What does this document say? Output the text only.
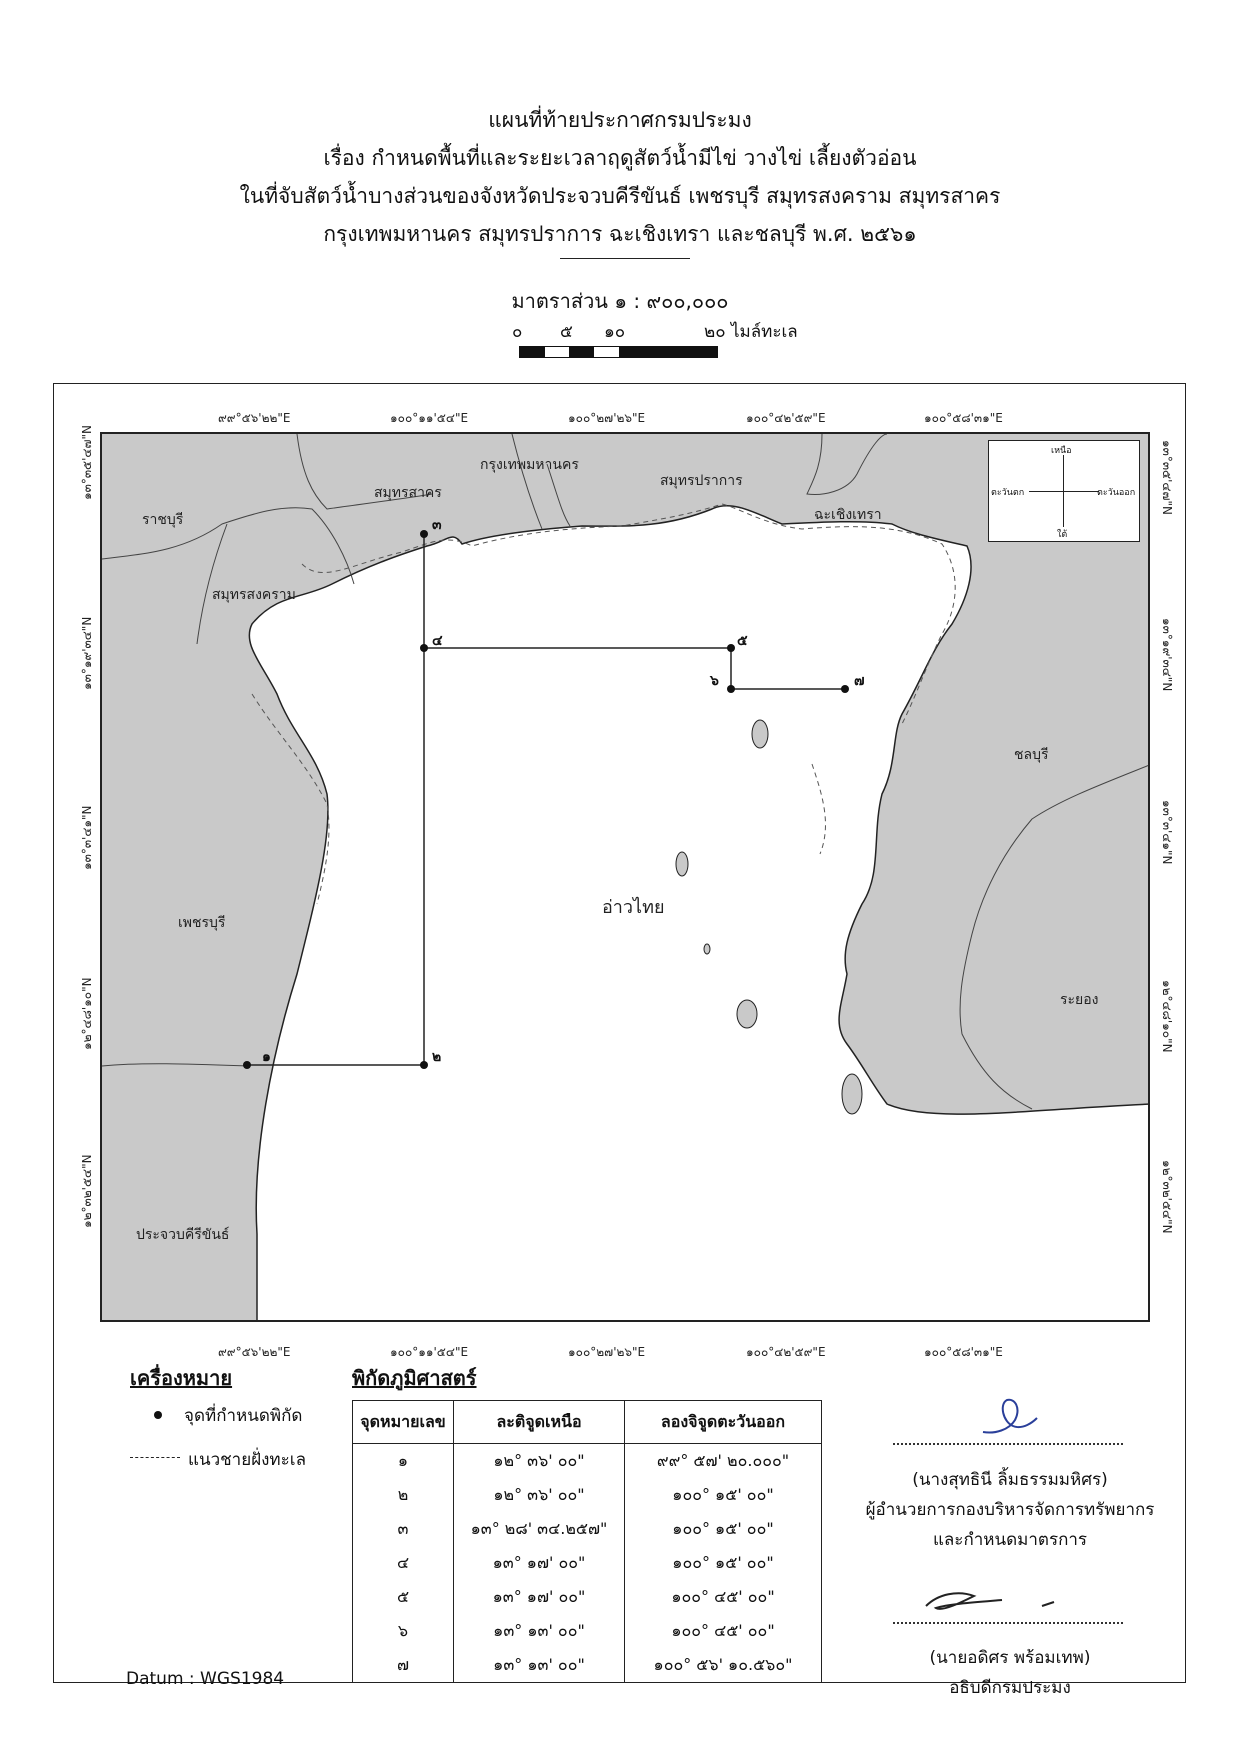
แผนที่ท้ายประกาศกรมประมง
เรื่อง กำหนดพื้นที่และระยะเวลาฤดูสัตว์น้ำมีไข่ วางไข่ เลี้ยงตัวอ่อน
ในที่จับสัตว์น้ำบางส่วนของจังหวัดประจวบคีรีขันธ์ เพชรบุรี สมุทรสงคราม สมุทรสาคร
กรุงเทพมหานคร สมุทรปราการ ฉะเชิงเทรา และชลบุรี พ.ศ. ๒๕๖๑
มาตราส่วน ๑ : ๙๐๐,๐๐๐
๐ ๕ ๑๐	๒๐ ไมล์ทะเล
๙๙°๕๖'๒๒"E	๑๐๐°๑๑'๕๔"E	๑๐๐°๒๗'๒๖"E	๑๐๐°๔๒'๕๙"E	๑๐๐°๕๘'๓๑"E
๙๙°๕๖'๒๒"E	๑๐๐°๑๑'๕๔"E	๑๐๐°๒๗'๒๖"E	๑๐๐°๔๒'๕๙"E	๑๐๐°๕๘'๓๑"E
๑๓°๓๕'๔๗"N
๑๓°๑๙'๓๔"N
๑๓°๓'๔๑"N
๑๒°๔๘'๑๐"N
๑๒°๓๒'๕๔"N
๑๓°๓๕'๔๗"N
๑๓°๑๙'๓๔"N
๑๓°๓'๔๑"N
๑๒°๔๘'๑๐"N
๑๒°๓๒'๕๔"N
๑	๒
๓
๔	๕
๖	๗
ราชบุรี
สมุทรสงคราม
สมุทรสาคร
กรุงเทพมหานคร
สมุทรปราการ
ฉะเชิงเทรา
ชลบุรี
ระยอง
เพชรบุรี
ประจวบคีรีขันธ์
อ่าวไทย
เหนือ
ใต้
ตะวันตก	ตะวันออก
เครื่องหมาย
จุดที่กำหนดพิกัด
แนวชายฝั่งทะเล
พิกัดภูมิศาสตร์
จุดหมายเลข	ละติจูดเหนือ	ลองจิจูดตะวันออก
๑	๑๒° ๓๖' ๐๐"	๙๙° ๕๗' ๒๐.๐๐๐"
๒	๑๒° ๓๖' ๐๐"	๑๐๐° ๑๕' ๐๐"
๓	๑๓° ๒๘' ๓๔.๒๕๗"	๑๐๐° ๑๕' ๐๐"
๔	๑๓° ๑๗' ๐๐"	๑๐๐° ๑๕' ๐๐"
๕	๑๓° ๑๗' ๐๐"	๑๐๐° ๔๕' ๐๐"
๖	๑๓° ๑๓' ๐๐"	๑๐๐° ๔๕' ๐๐"
๗	๑๓° ๑๓' ๐๐"	๑๐๐° ๕๖' ๑๐.๕๖๐"
Datum : WGS1984
(นางสุทธินี ลิ้มธรรมมหิศร)
ผู้อำนวยการกองบริหารจัดการทรัพยากร
และกำหนดมาตรการ
(นายอดิศร พร้อมเทพ)
อธิบดีกรมประมง
